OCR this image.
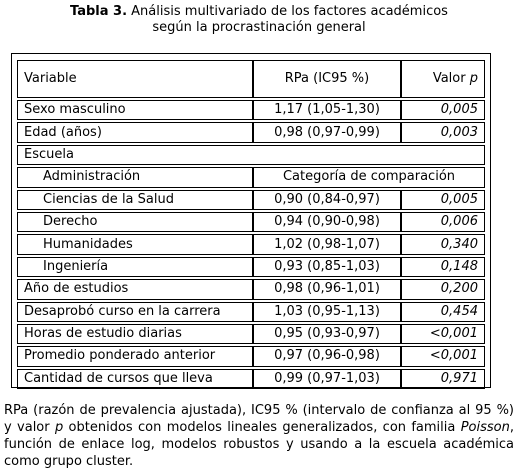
Tabla 3. Análisis multivariado de los factores académicos
según la procrastinación general
Variable	RPa (IC95 %)	Valor p
Sexo masculino	1,17 (1,05-1,30)	0,005
Edad (años)	0,98 (0,97-0,99)	0,003
Escuela		
Administración	Categoría de comparación	
Ciencias de la Salud	0,90 (0,84-0,97)	0,005
Derecho	0,94 (0,90-0,98)	0,006
Humanidades	1,02 (0,98-1,07)	0,340
Ingeniería	0,93 (0,85-1,03)	0,148
Año de estudios	0,98 (0,96-1,01)	0,200
Desaprobó curso en la carrera	1,03 (0,95-1,13)	0,454
Horas de estudio diarias	0,95 (0,93-0,97)	<0,001
Promedio ponderado anterior	0,97 (0,96-0,98)	<0,001
Cantidad de cursos que lleva	0,99 (0,97-1,03)	0,971
RPa (razón de prevalencia ajustada), IC95 % (intervalo de confianza al 95 %) y valor p obtenidos con modelos lineales generalizados, con familia Poisson, función de enlace log, modelos robustos y usando a la escuela académica como grupo cluster.
